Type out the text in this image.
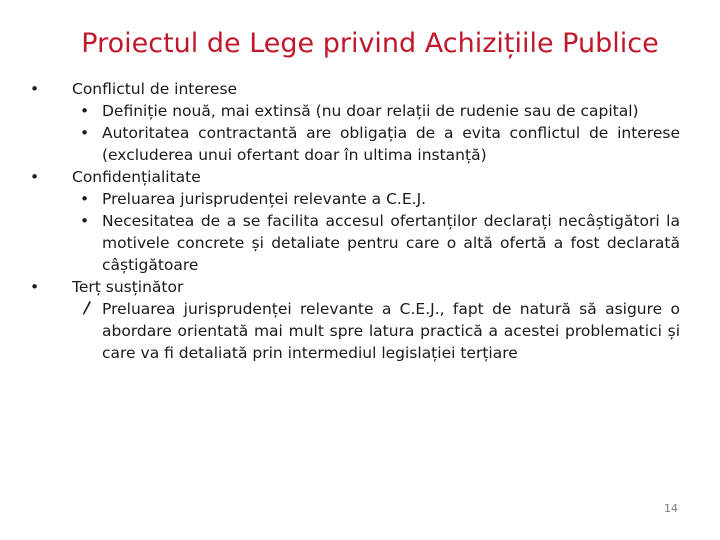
Proiectul de Lege privind Achizițiile Publice
• Conflictul de interese
• Definiție nouă, mai extinsă (nu doar relații de rudenie sau de capital)
• Autoritatea contractantă are obligația de a evita conflictul de interese (excluderea unui ofertant doar în ultima instanță)
• Confidențialitate
• Preluarea jurisprudenței relevante a C.E.J.
• Necesitatea de a se facilita accesul ofertanților declarați necâștigători la motivele concrete și detaliate pentru care o altă ofertă a fost declarată câștigătoare
• Terț susținător
Preluarea jurisprudenței relevante a C.E.J., fapt de natură să asigure o abordare orientată mai mult spre latura practică a acestei problematici și care va fi detaliată prin intermediul legislației terțiare
14
